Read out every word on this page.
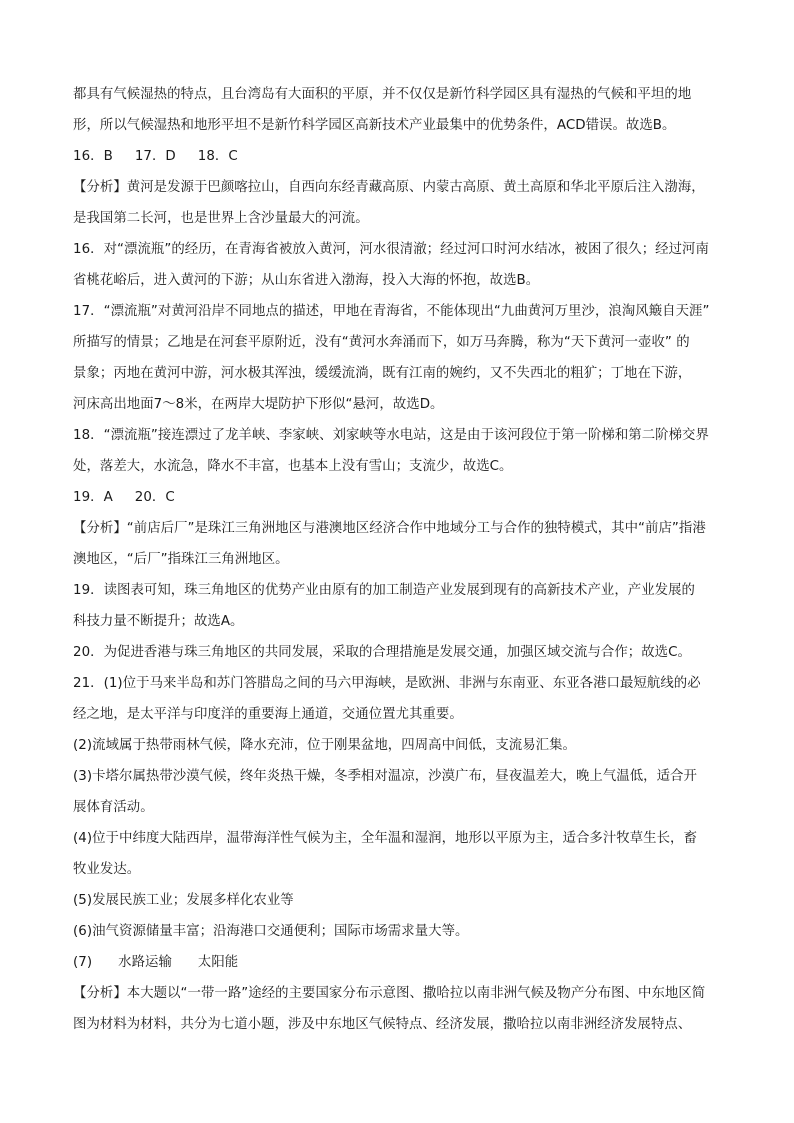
都具有气候湿热的特点，且台湾岛有大面积的平原，并不仅仅是新竹科学园区具有湿热的气候和平坦的地
形，所以气候湿热和地形平坦不是新竹科学园区高新技术产业最集中的优势条件，ACD错误。故选B。
16．B 17．D 18．C
【分析】黄河是发源于巴颜喀拉山，自西向东经青藏高原、内蒙古高原、黄土高原和华北平原后注入渤海，
是我国第二长河，也是世界上含沙量最大的河流。
16．对“漂流瓶”的经历，在青海省被放入黄河，河水很清澈；经过河口时河水结冰，被困了很久；经过河南
省桃花峪后，进入黄河的下游；从山东省进入渤海，投入大海的怀抱，故选B。
17．“漂流瓶”对黄河沿岸不同地点的描述，甲地在青海省，不能体现出“九曲黄河万里沙，浪淘风簸自天涯”
所描写的情景；乙地是在河套平原附近，没有“黄河水奔涌而下，如万马奔腾，称为“天下黄河一壶收” 的
景象；丙地在黄河中游，河水极其浑浊，缓缓流淌，既有江南的婉约，又不失西北的粗犷；丁地在下游，
河床高出地面7～8米，在两岸大堤防护下形似“悬河，故选D。
18．“漂流瓶”接连漂过了龙羊峡、李家峡、刘家峡等水电站，这是由于该河段位于第一阶梯和第二阶梯交界
处，落差大，水流急，降水不丰富，也基本上没有雪山；支流少，故选C。
19．A 20．C
【分析】“前店后厂”是珠江三角洲地区与港澳地区经济合作中地域分工与合作的独特模式，其中“前店”指港
澳地区，“后厂”指珠江三角洲地区。
19．读图表可知，珠三角地区的优势产业由原有的加工制造产业发展到现有的高新技术产业，产业发展的
科技力量不断提升；故选A。
20．为促进香港与珠三角地区的共同发展，采取的合理措施是发展交通，加强区域交流与合作；故选C。
21．(1)位于马来半岛和苏门答腊岛之间的马六甲海峡，是欧洲、非洲与东南亚、东亚各港口最短航线的必
经之地，是太平洋与印度洋的重要海上通道，交通位置尤其重要。
(2)流域属于热带雨林气候，降水充沛，位于刚果盆地，四周高中间低，支流易汇集。
(3)卡塔尔属热带沙漠气候，终年炎热干燥，冬季相对温凉，沙漠广布，昼夜温差大，晚上气温低，适合开
展体育活动。
(4)位于中纬度大陆西岸，温带海洋性气候为主，全年温和湿润，地形以平原为主，适合多汁牧草生长，畜
牧业发达。
(5)发展民族工业；发展多样化农业等
(6)油气资源储量丰富；沿海港口交通便利；国际市场需求量大等。
(7) 水路运输 太阳能
【分析】本大题以“一带一路”途经的主要国家分布示意图、撒哈拉以南非洲气候及物产分布图、中东地区简
图为材料为材料，共分为七道小题，涉及中东地区气候特点、经济发展，撒哈拉以南非洲经济发展特点、
